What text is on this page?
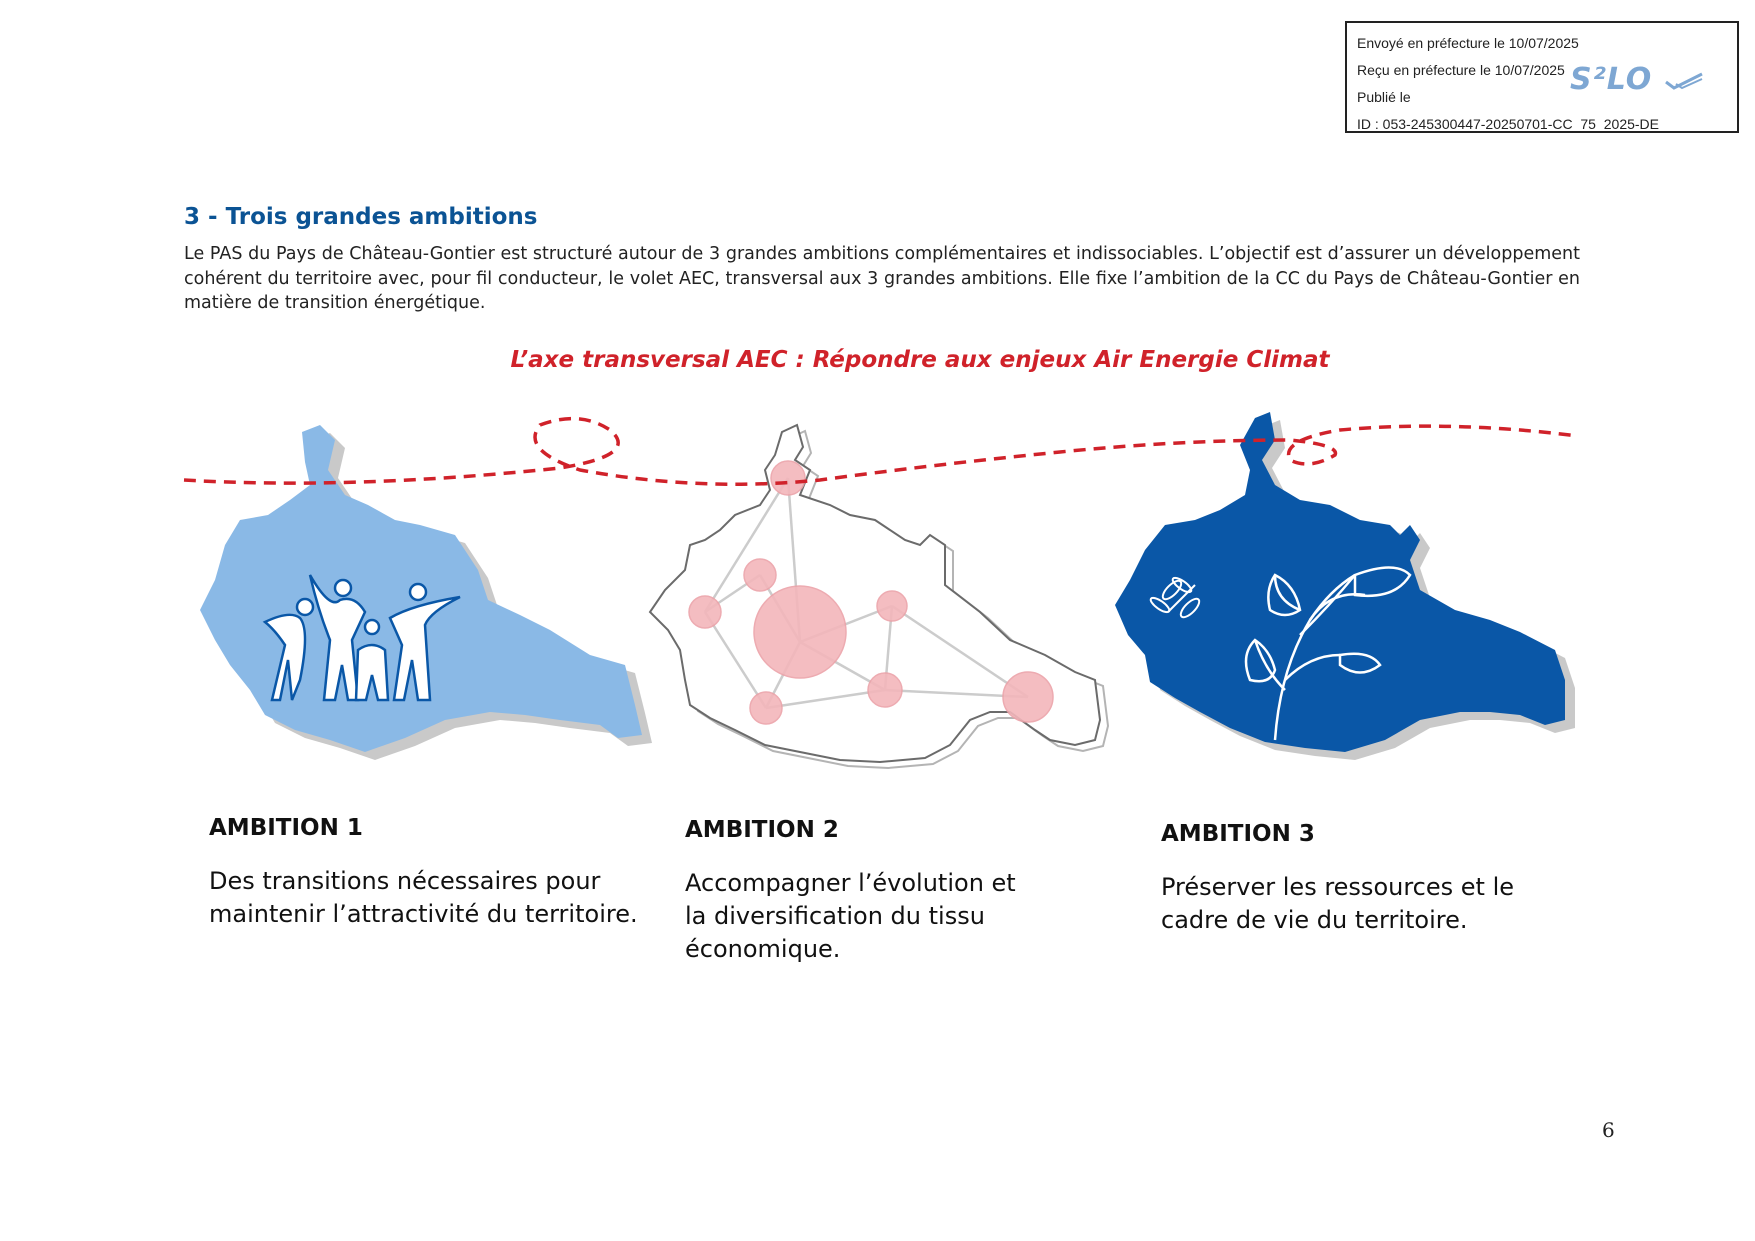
Envoyé en préfecture le 10/07/2025
Reçu en préfecture le 10/07/2025
Publié le
ID : 053-245300447-20250701-CC_75_2025-DE
S²LO
3 - Trois grandes ambitions
Le PAS du Pays de Château-Gontier est structuré autour de 3 grandes ambitions complémentaires et indissociables. L’objectif est d’assurer un développement cohérent du territoire avec, pour fil conducteur, le volet AEC, transversal aux 3 grandes ambitions. Elle fixe l’ambition de la CC du Pays de Château-Gontier en matière de transition énergétique.
L’axe transversal AEC : Répondre aux enjeux Air Energie Climat
AMBITION 1
Des transitions nécessaires pour maintenir l’attractivité du territoire.
AMBITION 2
Accompagner l’évolution et la diversification du tissu économique.
AMBITION 3
Préserver les ressources et le cadre de vie du territoire.
6
